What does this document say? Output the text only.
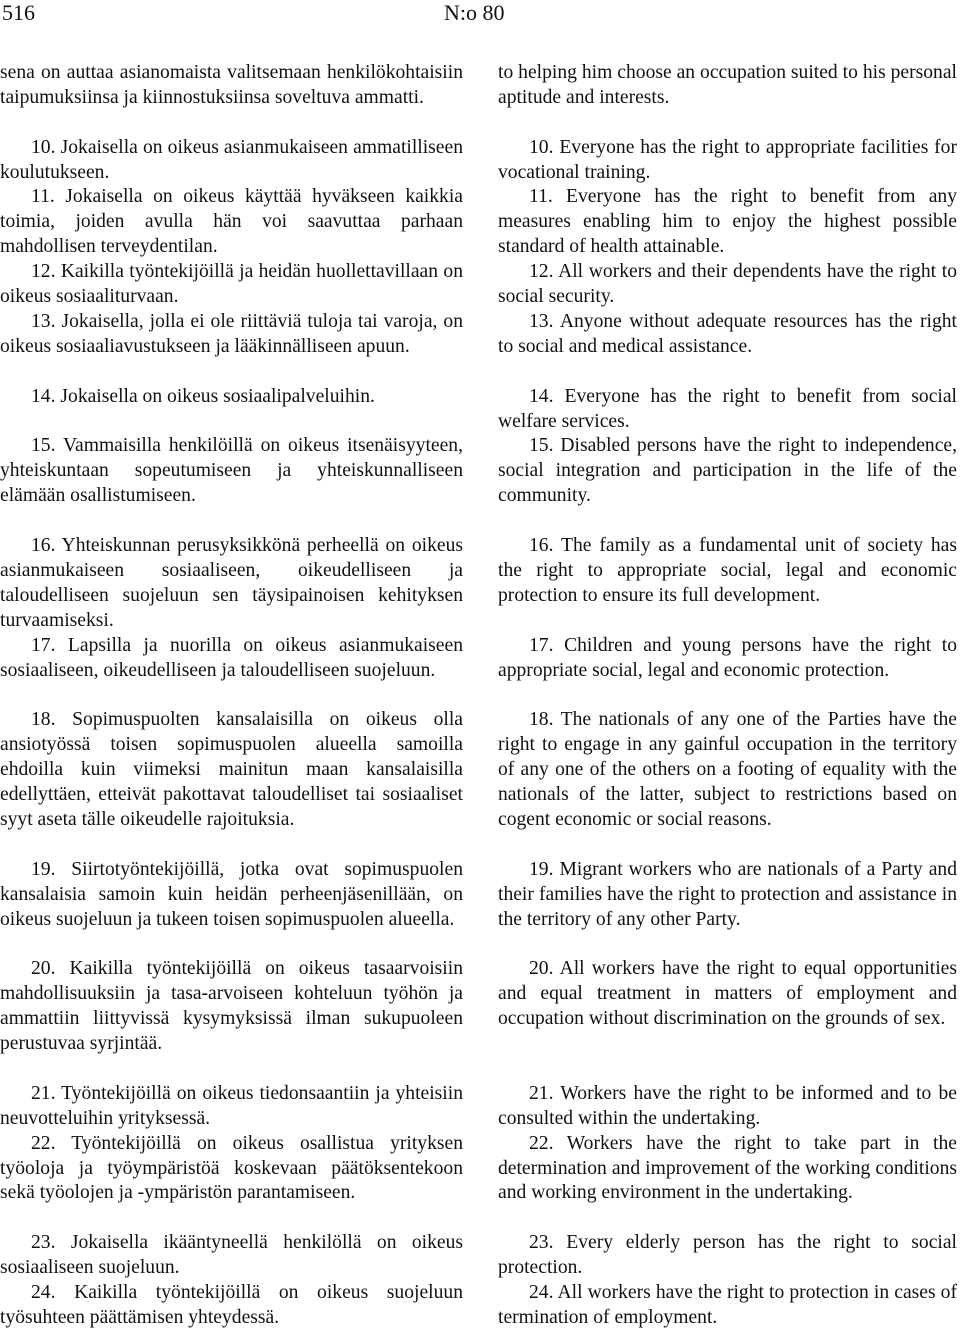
516	N:o 80

sena on auttaa asianomaista valitsemaan henkilökohtaisiin taipumuksiinsa ja kiinnostuksiinsa soveltuva ammatti.

10. Jokaisella on oikeus asianmukaiseen ammatilliseen koulutukseen.

11. Jokaisella on oikeus käyttää hyväkseen kaikkia toimia, joiden avulla hän voi saavuttaa parhaan mahdollisen terveydentilan.

12. Kaikilla työntekijöillä ja heidän huollettavillaan on oikeus sosiaaliturvaan.

13. Jokaisella, jolla ei ole riittäviä tuloja tai varoja, on oikeus sosiaaliavustukseen ja lääkinnälliseen apuun.

14. Jokaisella on oikeus sosiaalipalveluihin.

15. Vammaisilla henkilöillä on oikeus itsenäisyyteen, yhteiskuntaan sopeutumiseen ja yhteiskunnalliseen elämään osallistumiseen.

16. Yhteiskunnan perusyksikkönä perheellä on oikeus asianmukaiseen sosiaaliseen, oikeudelliseen ja taloudelliseen suojeluun sen täysipainoisen kehityksen turvaamiseksi.

17. Lapsilla ja nuorilla on oikeus asianmukaiseen sosiaaliseen, oikeudelliseen ja taloudelliseen suojeluun.

18. Sopimuspuolten kansalaisilla on oikeus olla ansiotyössä toisen sopimuspuolen alueella samoilla ehdoilla kuin viimeksi mainitun maan kansalaisilla edellyttäen, etteivät pakottavat taloudelliset tai sosiaaliset syyt aseta tälle oikeudelle rajoituksia.

19. Siirtotyöntekijöillä, jotka ovat sopimuspuolen kansalaisia samoin kuin heidän perheenjäsenillään, on oikeus suojeluun ja tukeen toisen sopimuspuolen alueella.

20. Kaikilla työntekijöillä on oikeus tasaarvoisiin mahdollisuuksiin ja tasa-arvoiseen kohteluun työhön ja ammattiin liittyvissä kysymyksissä ilman sukupuoleen perustuvaa syrjintää.

21. Työntekijöillä on oikeus tiedonsaantiin ja yhteisiin neuvotteluihin yrityksessä.

22. Työntekijöillä on oikeus osallistua yrityksen työoloja ja työympäristöä koskevaan päätöksentekoon sekä työolojen ja -ympäristön parantamiseen.

23. Jokaisella ikääntyneellä henkilöllä on oikeus sosiaaliseen suojeluun.

24. Kaikilla työntekijöillä on oikeus suojeluun työsuhteen päättämisen yhteydessä.

to helping him choose an occupation suited to his personal aptitude and interests.

10. Everyone has the right to appropriate facilities for vocational training.

11. Everyone has the right to benefit from any measures enabling him to enjoy the highest possible standard of health attainable.

12. All workers and their dependents have the right to social security.

13. Anyone without adequate resources has the right to social and medical assistance.

14. Everyone has the right to benefit from social welfare services.

15. Disabled persons have the right to independence, social integration and participation in the life of the community.

16. The family as a fundamental unit of society has the right to appropriate social, legal and economic protection to ensure its full development.

17. Children and young persons have the right to appropriate social, legal and economic protection.

18. The nationals of any one of the Parties have the right to engage in any gainful occupation in the territory of any one of the others on a footing of equality with the nationals of the latter, subject to restrictions based on cogent economic or social reasons.

19. Migrant workers who are nationals of a Party and their families have the right to protection and assistance in the territory of any other Party.

20. All workers have the right to equal opportunities and equal treatment in matters of employment and occupation without discrimination on the grounds of sex.

21. Workers have the right to be informed and to be consulted within the undertaking.

22. Workers have the right to take part in the determination and improvement of the working conditions and working environment in the undertaking.

23. Every elderly person has the right to social protection.

24. All workers have the right to protection in cases of termination of employment.
